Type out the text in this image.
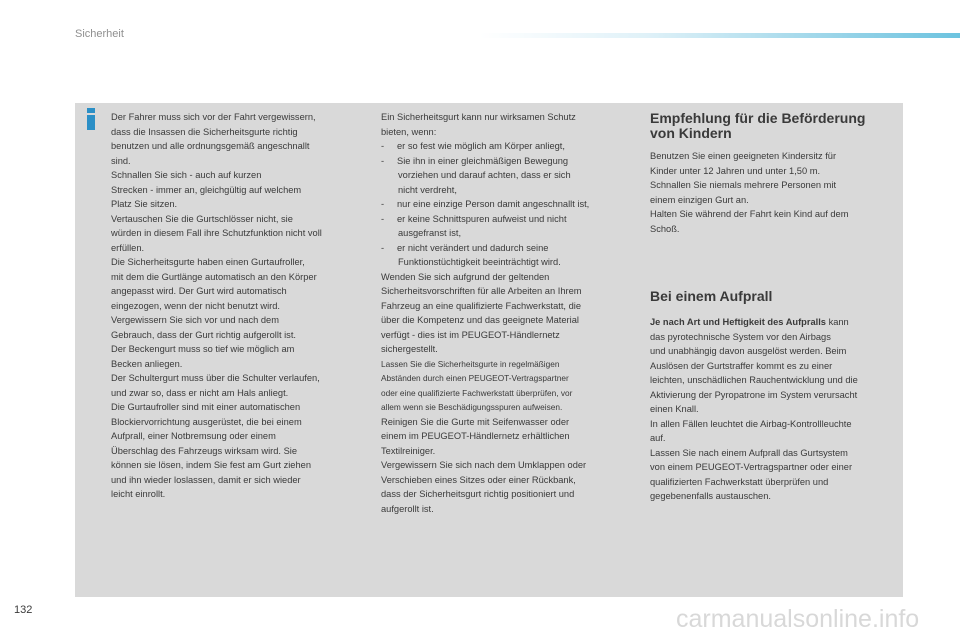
Sicherheit

Der Fahrer muss sich vor der Fahrt vergewissern,

dass die Insassen die Sicherheitsgurte richtig

benutzen und alle ordnungsgemäß angeschnallt

sind.

Schnallen Sie sich - auch auf kurzen

Strecken - immer an, gleichgültig auf welchem

Platz Sie sitzen.

Vertauschen Sie die Gurtschlösser nicht, sie

würden in diesem Fall ihre Schutzfunktion nicht voll

erfüllen.

Die Sicherheitsgurte haben einen Gurtaufroller,

mit dem die Gurtlänge automatisch an den Körper

angepasst wird. Der Gurt wird automatisch

eingezogen, wenn der nicht benutzt wird.

Vergewissern Sie sich vor und nach dem

Gebrauch, dass der Gurt richtig aufgerollt ist.

Der Beckengurt muss so tief wie möglich am

Becken anliegen.

Der Schultergurt muss über die Schulter verlaufen,

und zwar so, dass er nicht am Hals anliegt.

Die Gurtaufroller sind mit einer automatischen

Blockiervorrichtung ausgerüstet, die bei einem

Aufprall, einer Notbremsung oder einem

Überschlag des Fahrzeugs wirksam wird. Sie

können sie lösen, indem Sie fest am Gurt ziehen

und ihn wieder loslassen, damit er sich wieder

leicht einrollt.

Ein Sicherheitsgurt kann nur wirksamen Schutz

bieten, wenn:

-     er so fest wie möglich am Körper anliegt,

-     Sie ihn in einer gleichmäßigen Bewegung

vorziehen und darauf achten, dass er sich

nicht verdreht,

-     nur eine einzige Person damit angeschnallt ist,

-     er keine Schnittspuren aufweist und nicht

ausgefranst ist,

-     er nicht verändert und dadurch seine

Funktionstüchtigkeit beeinträchtigt wird.

Wenden Sie sich aufgrund der geltenden

Sicherheitsvorschriften für alle Arbeiten an Ihrem

Fahrzeug an eine qualifizierte Fachwerkstatt, die

über die Kompetenz und das geeignete Material

verfügt - dies ist im PEUGEOT-Händlernetz

sichergestellt.

Lassen Sie die Sicherheitsgurte in regelmäßigen

Abständen durch einen PEUGEOT-Vertragspartner

oder eine qualifizierte Fachwerkstatt überprüfen, vor

allem wenn sie Beschädigungsspuren aufweisen.

Reinigen Sie die Gurte mit Seifenwasser oder

einem im PEUGEOT-Händlernetz erhältlichen

Textilreiniger.

Vergewissern Sie sich nach dem Umklappen oder

Verschieben eines Sitzes oder einer Rückbank,

dass der Sicherheitsgurt richtig positioniert und

aufgerollt ist.

Empfehlung für die Beförderung
von Kindern

Benutzen Sie einen geeigneten Kindersitz für

Kinder unter 12 Jahren und unter 1,50 m.

Schnallen Sie niemals mehrere Personen mit

einem einzigen Gurt an.

Halten Sie während der Fahrt kein Kind auf dem

Schoß.

Bei einem Aufprall

Je nach Art und Heftigkeit des Aufpralls kann

das pyrotechnische System vor den Airbags

und unabhängig davon ausgelöst werden. Beim

Auslösen der Gurtstraffer kommt es zu einer

leichten, unschädlichen Rauchentwicklung und die

Aktivierung der Pyropatrone im System verursacht

einen Knall.

In allen Fällen leuchtet die Airbag-Kontrollleuchte

auf.

Lassen Sie nach einem Aufprall das Gurtsystem

von einem PEUGEOT-Vertragspartner oder einer

qualifizierten Fachwerkstatt überprüfen und

gegebenenfalls austauschen.

132	carmanualsonline.info
